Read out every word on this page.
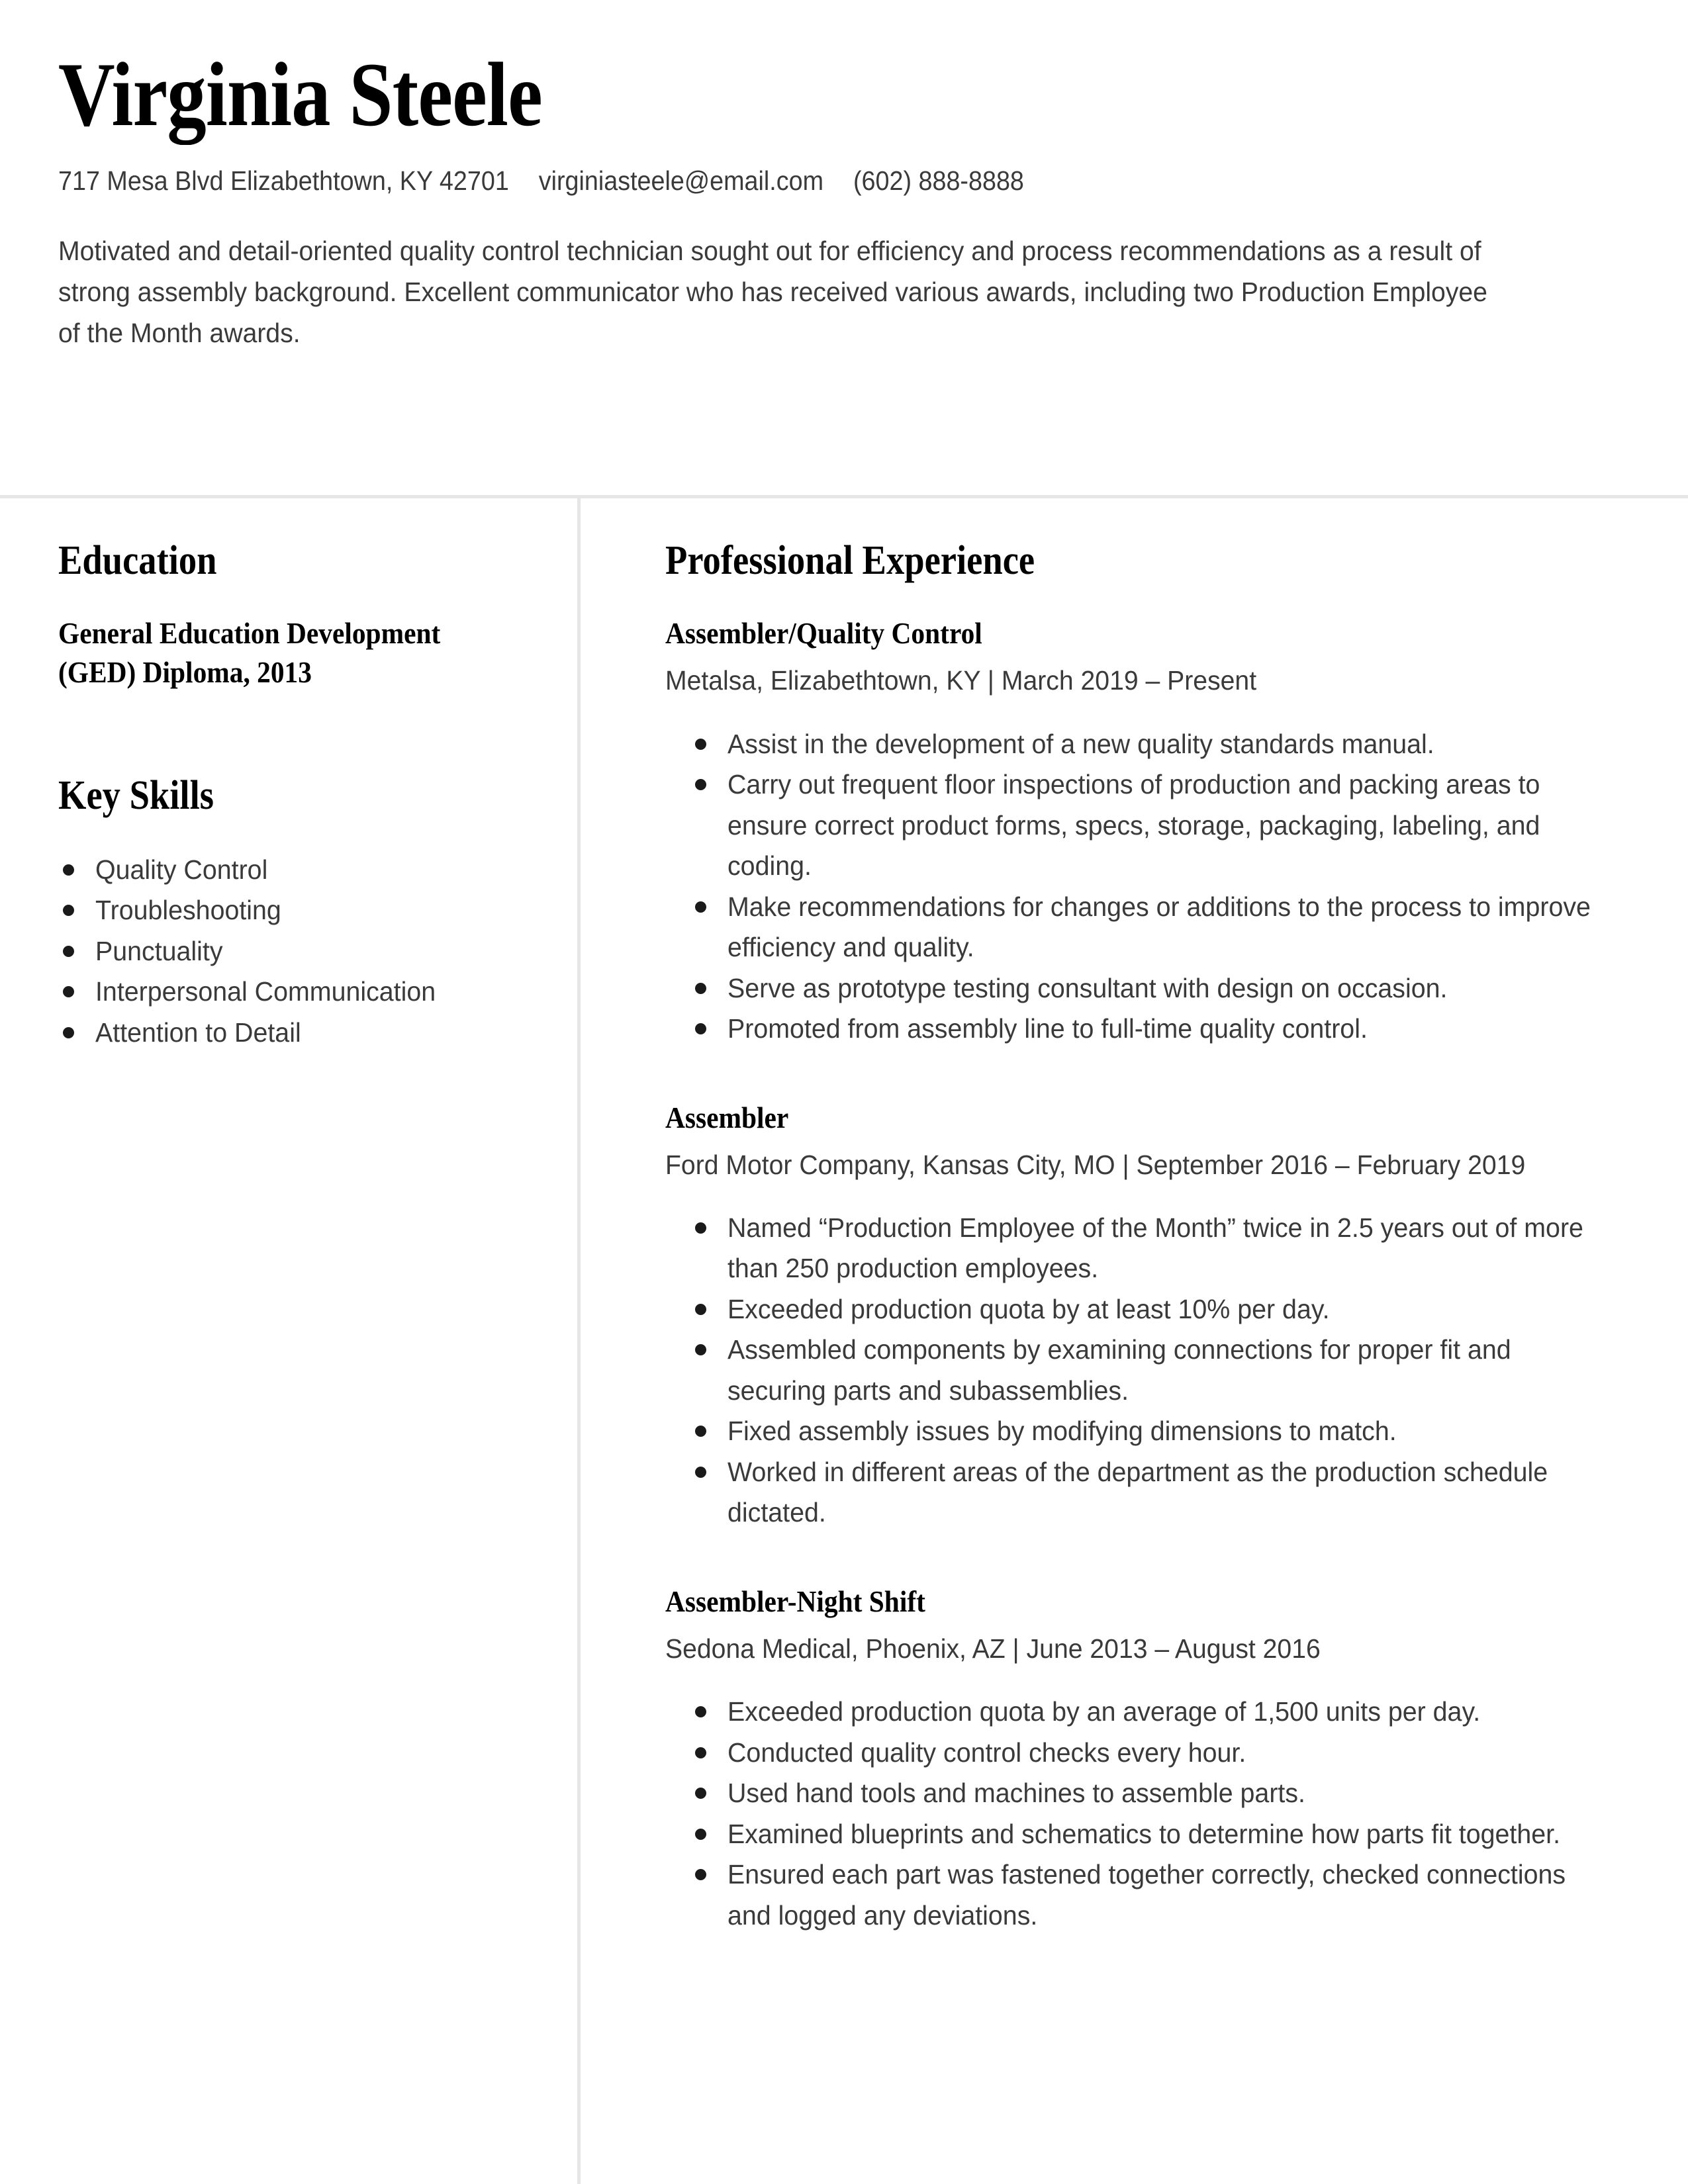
Virginia Steele
717 Mesa Blvd Elizabethtown, KY 42701 virginiasteele@email.com (602) 888-8888

Motivated and detail-oriented quality control technician sought out for efficiency and process recommendations as a result of strong assembly background. Excellent communicator who has received various awards, including two Production Employee of the Month awards.

Education
General Education Development (GED) Diploma, 2013
Key Skills
Quality Control
Troubleshooting
Punctuality
Interpersonal Communication
Attention to Detail
Professional Experience
Assembler/Quality Control
Metalsa, Elizabethtown, KY | March 2019 – Present
Assist in the development of a new quality standards manual.
Carry out frequent floor inspections of production and packing areas to ensure correct product forms, specs, storage, packaging, labeling, and coding.
Make recommendations for changes or additions to the process to improve efficiency and quality.
Serve as prototype testing consultant with design on occasion.
Promoted from assembly line to full-time quality control.
Assembler
Ford Motor Company, Kansas City, MO | September 2016 – February 2019
Named “Production Employee of the Month” twice in 2.5 years out of more than 250 production employees.
Exceeded production quota by at least 10% per day.
Assembled components by examining connections for proper fit and securing parts and subassemblies.
Fixed assembly issues by modifying dimensions to match.
Worked in different areas of the department as the production schedule dictated.
Assembler-Night Shift
Sedona Medical, Phoenix, AZ | June 2013 – August 2016
Exceeded production quota by an average of 1,500 units per day.
Conducted quality control checks every hour.
Used hand tools and machines to assemble parts.
Examined blueprints and schematics to determine how parts fit together.
Ensured each part was fastened together correctly, checked connections and logged any deviations.
